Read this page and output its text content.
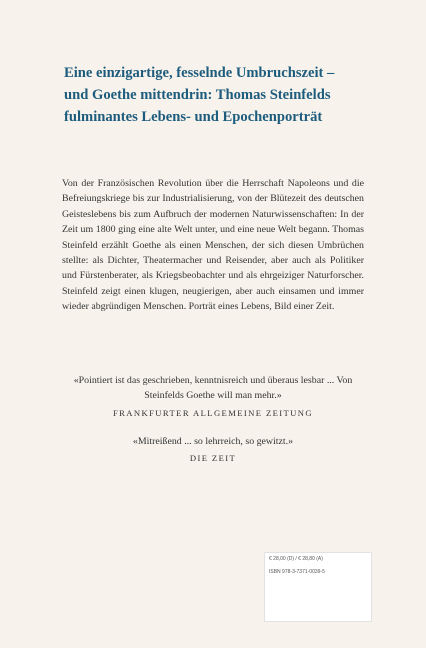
Eine einzigartige, fesselnde Umbruchszeit –
und Goethe mittendrin: Thomas Steinfelds
fulminantes Lebens- und Epochenporträt

Von der Französischen Revolution über die Herrschaft Napoleons und die Befreiungskriege bis zur Industrialisierung, von der Blütezeit des deutschen Geisteslebens bis zum Aufbruch der modernen Naturwissenschaften: In der Zeit um 1800 ging eine alte Welt unter, und eine neue Welt begann. Thomas Steinfeld erzählt Goethe als einen Menschen, der sich diesen Umbrüchen stellte: als Dichter, Theatermacher und Reisender, aber auch als Politiker und Fürstenberater, als Kriegsbeobachter und als ehrgeiziger Naturforscher. Steinfeld zeigt einen klugen, neugierigen, aber auch einsamen und immer wieder abgründigen Menschen. Porträt eines Lebens, Bild einer Zeit.

«Pointiert ist das geschrieben, kenntnisreich und überaus lesbar ... Von Steinfelds Goethe will man mehr.»
FRANKFURTER ALLGEMEINE ZEITUNG

«Mitreißend ... so lehrreich, so gewitzt.»
DIE ZEIT

€ 28,00 (D) / € 28,80 (A)
ISBN 978-3-7371-0039-5
